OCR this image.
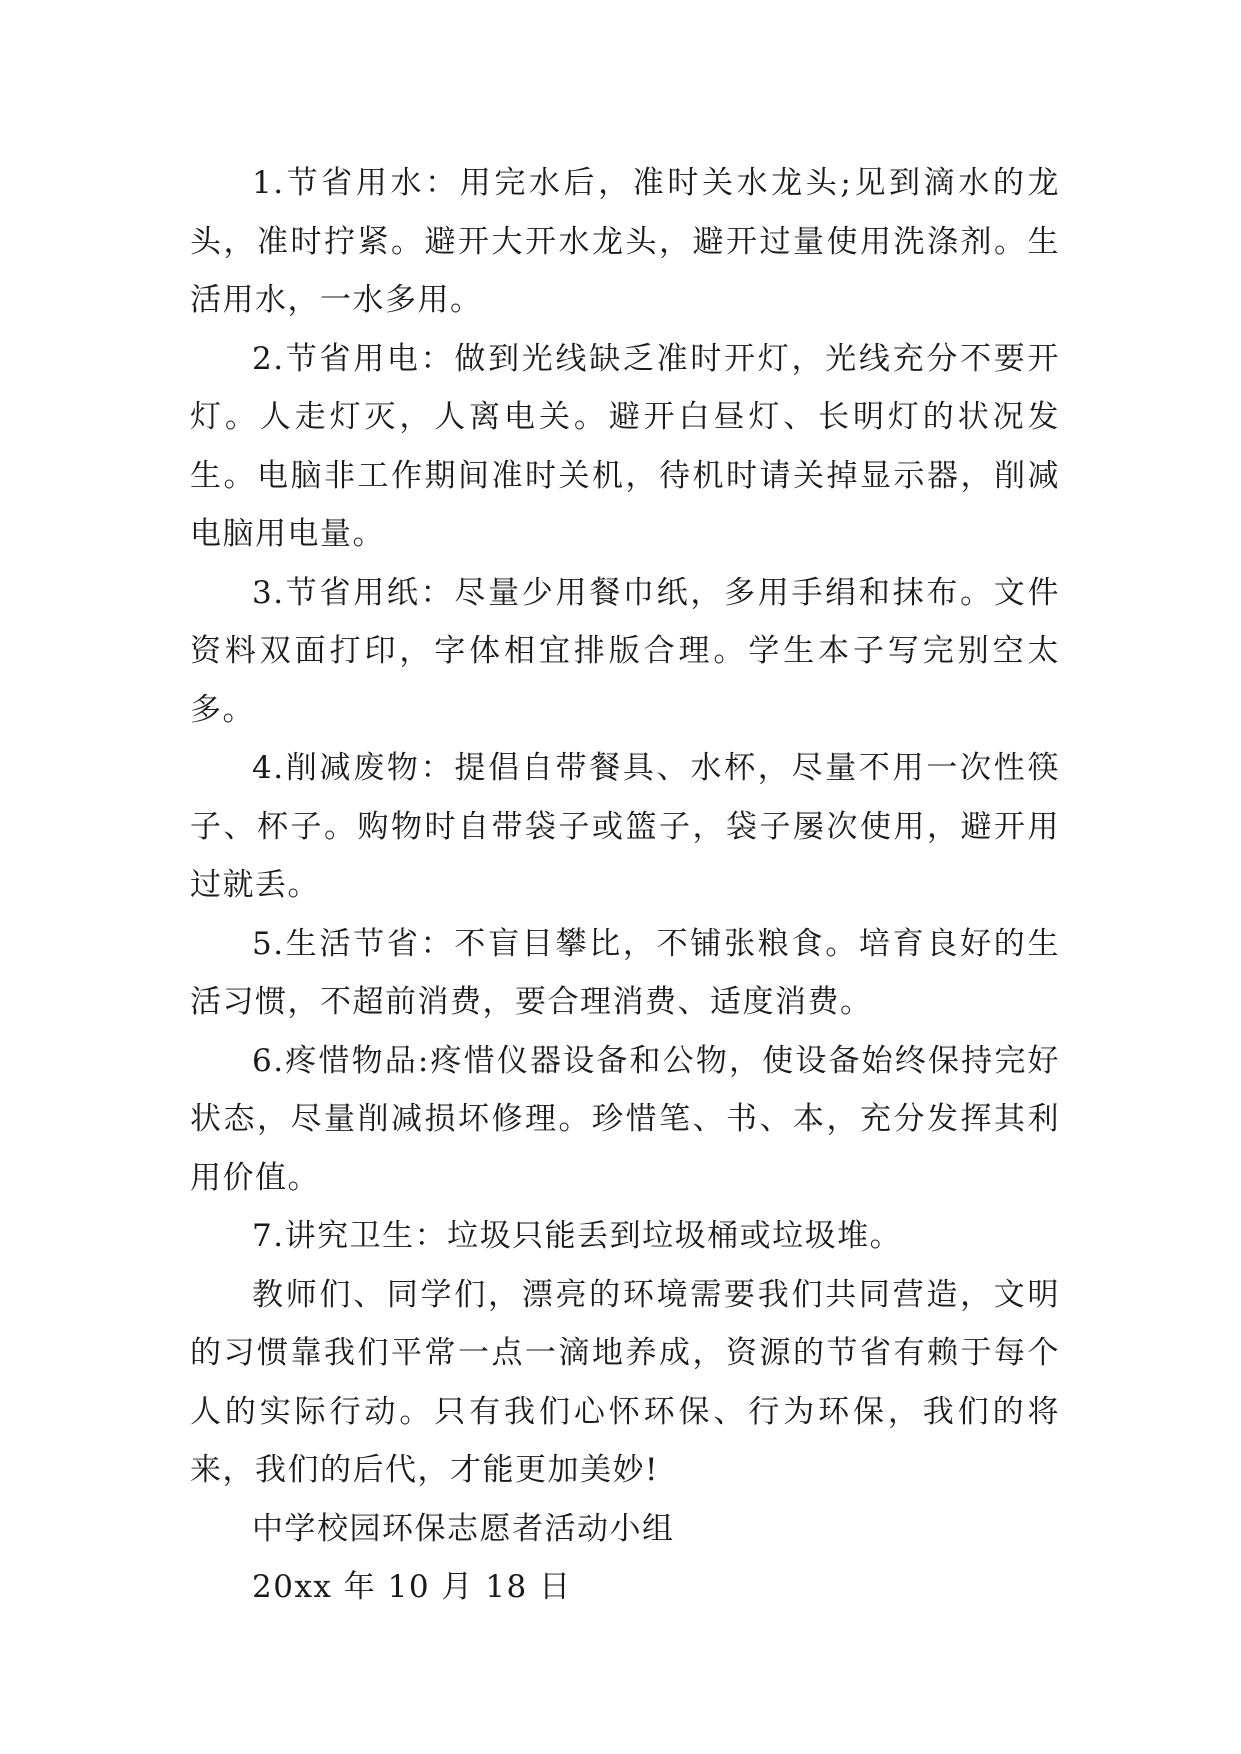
1.节省用水：用完水后，准时关水龙头;见到滴水的龙头，准时拧紧。避开大开水龙头，避开过量使用洗涤剂。生活用水，一水多用。

2.节省用电：做到光线缺乏准时开灯，光线充分不要开灯。人走灯灭，人离电关。避开白昼灯、长明灯的状况发生。电脑非工作期间准时关机，待机时请关掉显示器，削减电脑用电量。

3.节省用纸：尽量少用餐巾纸，多用手绢和抹布。文件资料双面打印，字体相宜排版合理。学生本子写完别空太多。

4.削减废物：提倡自带餐具、水杯，尽量不用一次性筷子、杯子。购物时自带袋子或篮子，袋子屡次使用，避开用过就丢。

5.生活节省：不盲目攀比，不铺张粮食。培育良好的生活习惯，不超前消费，要合理消费、适度消费。

6.疼惜物品:疼惜仪器设备和公物，使设备始终保持完好状态，尽量削减损坏修理。珍惜笔、书、本，充分发挥其利用价值。

7.讲究卫生：垃圾只能丢到垃圾桶或垃圾堆。

教师们、同学们，漂亮的环境需要我们共同营造，文明的习惯靠我们平常一点一滴地养成，资源的节省有赖于每个人的实际行动。只有我们心怀环保、行为环保，我们的将来，我们的后代，才能更加美妙!

中学校园环保志愿者活动小组

20xx 年 10 月 18 日
